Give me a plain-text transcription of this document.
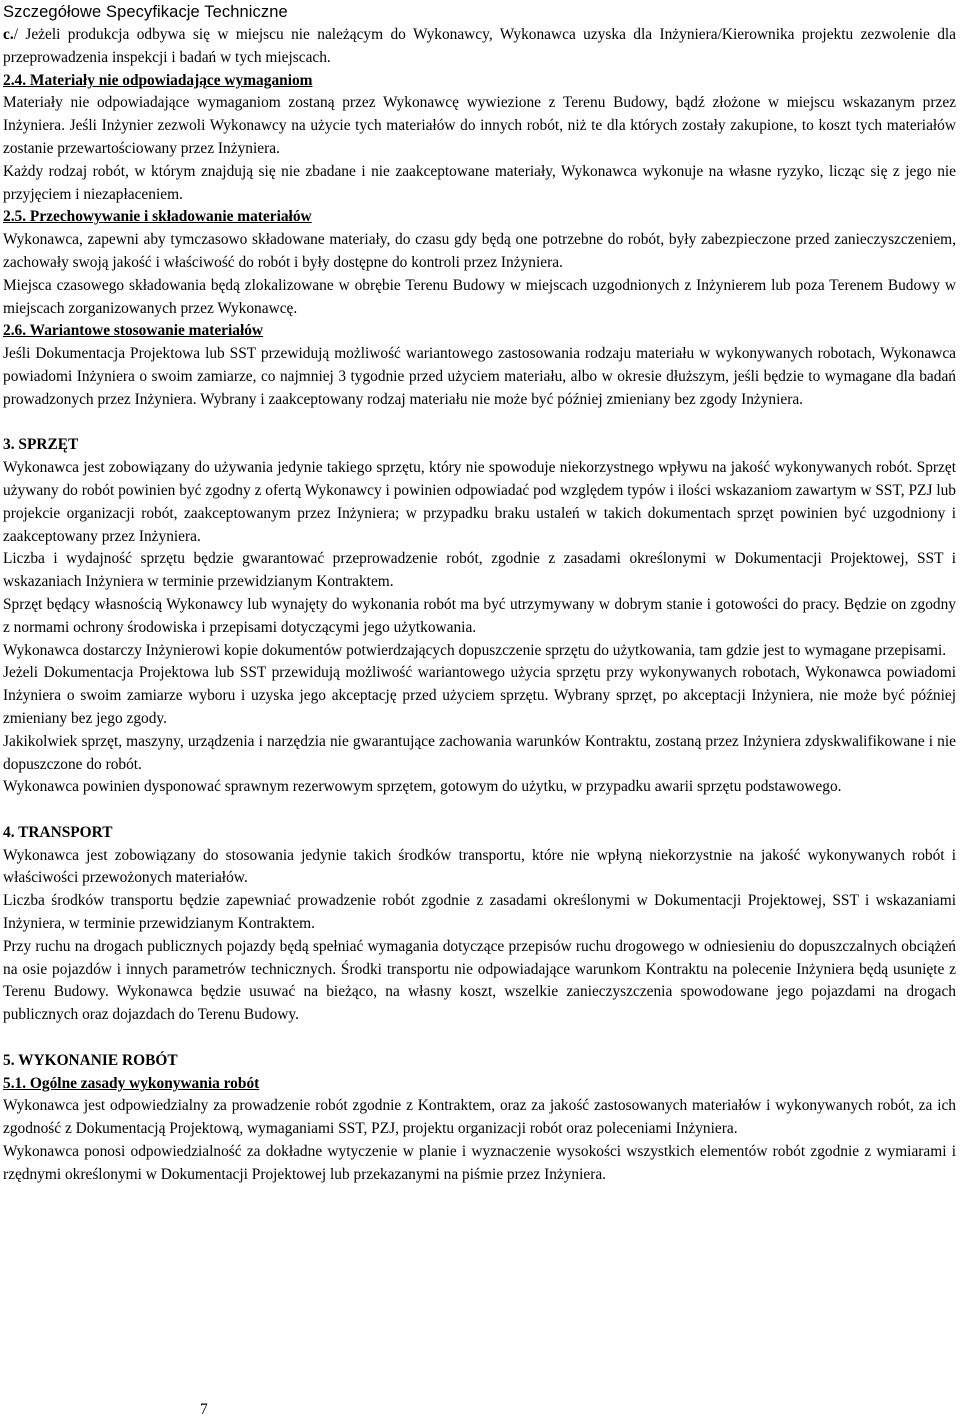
Szczegółowe Specyfikacje Techniczne

c./ Jeżeli produkcja odbywa się w miejscu nie należącym do Wykonawcy, Wykonawca uzyska dla Inżyniera/Kierownika projektu zezwolenie dla przeprowadzenia inspekcji i badań w tych miejscach.

2.4. Materiały nie odpowiadające wymaganiom

Materiały nie odpowiadające wymaganiom zostaną przez Wykonawcę wywiezione z Terenu Budowy, bądź złożone w miejscu wskazanym przez Inżyniera. Jeśli Inżynier zezwoli Wykonawcy na użycie tych materiałów do innych robót, niż te dla których zostały zakupione, to koszt tych materiałów zostanie przewartościowany przez Inżyniera.

Każdy rodzaj robót, w którym znajdują się nie zbadane i nie zaakceptowane materiały, Wykonawca wykonuje na własne ryzyko, licząc się z jego nie przyjęciem i niezapłaceniem.

2.5. Przechowywanie i składowanie materiałów

Wykonawca, zapewni aby tymczasowo składowane materiały, do czasu gdy będą one potrzebne do robót, były zabezpieczone przed zanieczyszczeniem, zachowały swoją jakość i właściwość do robót i były dostępne do kontroli przez Inżyniera.

Miejsca czasowego składowania będą zlokalizowane w obrębie Terenu Budowy w miejscach uzgodnionych z Inżynierem lub poza Terenem Budowy w miejscach zorganizowanych przez Wykonawcę.

2.6. Wariantowe stosowanie materiałów

Jeśli Dokumentacja Projektowa lub SST przewidują możliwość wariantowego zastosowania rodzaju materiału w wykonywanych robotach, Wykonawca powiadomi Inżyniera o swoim zamiarze, co najmniej 3 tygodnie przed użyciem materiału, albo w okresie dłuższym, jeśli będzie to wymagane dla badań prowadzonych przez Inżyniera. Wybrany i zaakceptowany rodzaj materiału nie może być później zmieniany bez zgody Inżyniera.

3. SPRZĘT

Wykonawca jest zobowiązany do używania jedynie takiego sprzętu, który nie spowoduje niekorzystnego wpływu na jakość wykonywanych robót. Sprzęt używany do robót powinien być zgodny z ofertą Wykonawcy i powinien odpowiadać pod względem typów i ilości wskazaniom zawartym w SST, PZJ lub projekcie organizacji robót, zaakceptowanym przez Inżyniera; w przypadku braku ustaleń w takich dokumentach sprzęt powinien być uzgodniony i zaakceptowany przez Inżyniera.

Liczba i wydajność sprzętu będzie gwarantować przeprowadzenie robót, zgodnie z zasadami określonymi w Dokumentacji Projektowej, SST i wskazaniach Inżyniera w terminie przewidzianym Kontraktem.

Sprzęt będący własnością Wykonawcy lub wynajęty do wykonania robót ma być utrzymywany w dobrym stanie i gotowości do pracy. Będzie on zgodny z normami ochrony środowiska i przepisami dotyczącymi jego użytkowania.

Wykonawca dostarczy Inżynierowi kopie dokumentów potwierdzających dopuszczenie sprzętu do użytkowania, tam gdzie jest to wymagane przepisami.

Jeżeli Dokumentacja Projektowa lub SST przewidują możliwość wariantowego użycia sprzętu przy wykonywanych robotach, Wykonawca powiadomi Inżyniera o swoim zamiarze wyboru i uzyska jego akceptację przed użyciem sprzętu. Wybrany sprzęt, po akceptacji Inżyniera, nie może być później zmieniany bez jego zgody.

Jakikolwiek sprzęt, maszyny, urządzenia i narzędzia nie gwarantujące zachowania warunków Kontraktu, zostaną przez Inżyniera zdyskwalifikowane i nie dopuszczone do robót.

Wykonawca powinien dysponować sprawnym rezerwowym sprzętem, gotowym do użytku, w przypadku awarii sprzętu podstawowego.

4. TRANSPORT

Wykonawca jest zobowiązany do stosowania jedynie takich środków transportu, które nie wpłyną niekorzystnie na jakość wykonywanych robót i właściwości przewożonych materiałów.

Liczba środków transportu będzie zapewniać prowadzenie robót zgodnie z zasadami określonymi w Dokumentacji Projektowej, SST i wskazaniami Inżyniera, w terminie przewidzianym Kontraktem.

Przy ruchu na drogach publicznych pojazdy będą spełniać wymagania dotyczące przepisów ruchu drogowego w odniesieniu do dopuszczalnych obciążeń na osie pojazdów i innych parametrów technicznych. Środki transportu nie odpowiadające warunkom Kontraktu na polecenie Inżyniera będą usunięte z Terenu Budowy. Wykonawca będzie usuwać na bieżąco, na własny koszt, wszelkie zanieczyszczenia spowodowane jego pojazdami na drogach publicznych oraz dojazdach do Terenu Budowy.

5. WYKONANIE ROBÓT
5.1. Ogólne zasady wykonywania robót

Wykonawca jest odpowiedzialny za prowadzenie robót zgodnie z Kontraktem, oraz za jakość zastosowanych materiałów i wykonywanych robót, za ich zgodność z Dokumentacją Projektową, wymaganiami SST, PZJ, projektu organizacji robót oraz poleceniami Inżyniera.

Wykonawca ponosi odpowiedzialność za dokładne wytyczenie w planie i wyznaczenie wysokości wszystkich elementów robót zgodnie z wymiarami i rzędnymi określonymi w Dokumentacji Projektowej lub przekazanymi na piśmie przez Inżyniera.

7
